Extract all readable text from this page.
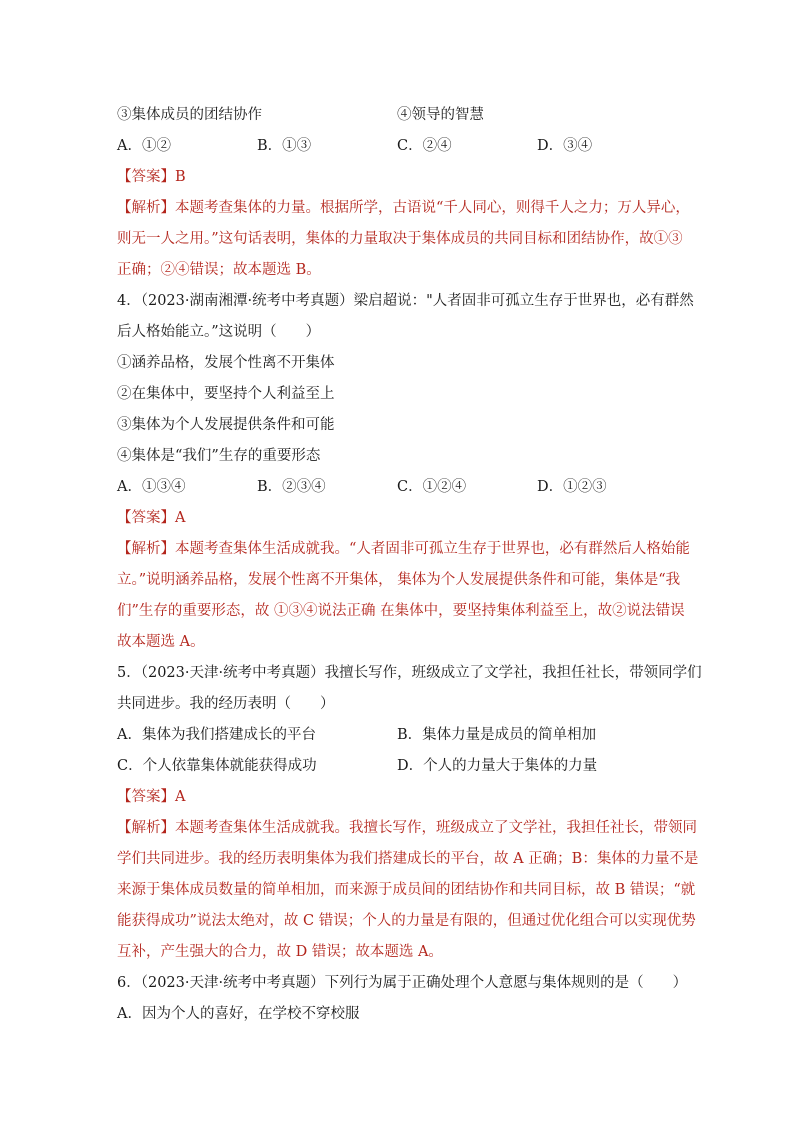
③集体成员的团结协作	④领导的智慧
A．①②	B．①③	C．②④	D．③④
【答案】B
【解析】本题考查集体的力量。根据所学，古语说“千人同心，则得千人之力；万人异心，
则无一人之用。”这句话表明，集体的力量取决于集体成员的共同目标和团结协作，故①③
正确；②④错误；故本题选 B。
4．（2023·湖南湘潭·统考中考真题）梁启超说："人者固非可孤立生存于世界也，必有群然
后人格始能立。”这说明（　　）
①涵养品格，发展个性离不开集体
②在集体中，要坚持个人利益至上
③集体为个人发展提供条件和可能
④集体是“我们”生存的重要形态
A．①③④	B．②③④	C．①②④	D．①②③
【答案】A
【解析】本题考查集体生活成就我。“人者固非可孤立生存于世界也，必有群然后人格始能
立。”说明涵养品格，发展个性离不开集体， 集体为个人发展提供条件和可能，集体是“我
们”生存的重要形态，故 ①③④说法正确 在集体中，要坚持集体利益至上，故②说法错误
故本题选 A。
5．（2023·天津·统考中考真题）我擅长写作，班级成立了文学社，我担任社长，带领同学们
共同进步。我的经历表明（　　）
A．集体为我们搭建成长的平台	B．集体力量是成员的简单相加
C．个人依靠集体就能获得成功	D．个人的力量大于集体的力量
【答案】A
【解析】本题考查集体生活成就我。我擅长写作，班级成立了文学社，我担任社长，带领同
学们共同进步。我的经历表明集体为我们搭建成长的平台，故 A 正确；B：集体的力量不是
来源于集体成员数量的简单相加，而来源于成员间的团结协作和共同目标，故 B 错误；“就
能获得成功”说法太绝对，故 C 错误；个人的力量是有限的，但通过优化组合可以实现优势
互补，产生强大的合力，故 D 错误；故本题选 A。
6．（2023·天津·统考中考真题）下列行为属于正确处理个人意愿与集体规则的是（　　）
A．因为个人的喜好，在学校不穿校服
